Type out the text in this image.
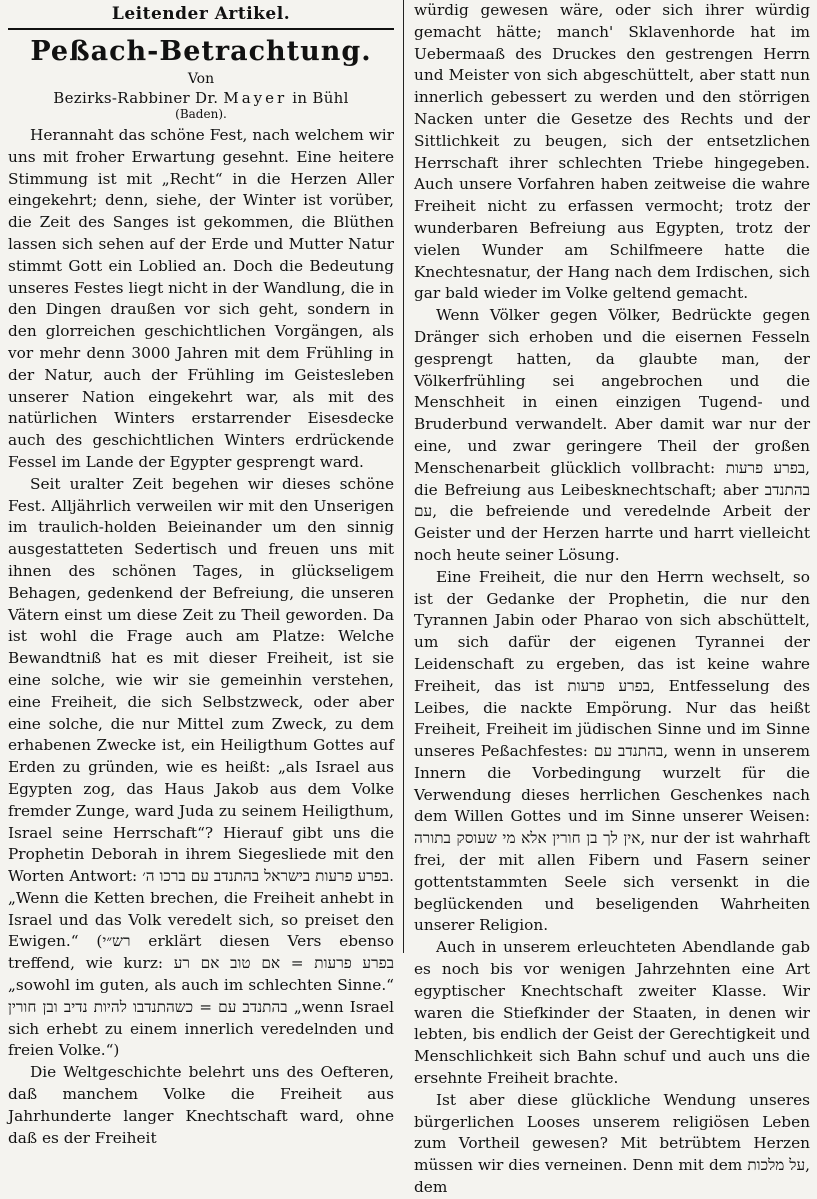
Leitender Artikel.
Peßach-Betrachtung.
Von
Bezirks-Rabbiner Dr. Mayer in Bühl
(Baden).

Herannaht das schöne Fest, nach welchem wir uns mit froher Erwartung gesehnt. Eine heitere Stimmung ist mit „Recht“ in die Herzen Aller eingekehrt; denn, siehe, der Winter ist vorüber, die Zeit des Sanges ist gekommen, die Blüthen lassen sich sehen auf der Erde und Mutter Natur stimmt Gott ein Loblied an. Doch die Bedeutung unseres Festes liegt nicht in der Wandlung, die in den Dingen draußen vor sich geht, sondern in den glorreichen geschichtlichen Vorgängen, als vor mehr denn 3000 Jahren mit dem Frühling in der Natur, auch der Frühling im Geistesleben unserer Nation eingekehrt war, als mit des natürlichen Winters erstarrender Eisesdecke auch des geschichtlichen Winters erdrückende Fessel im Lande der Egypter gesprengt ward.

Seit uralter Zeit begehen wir dieses schöne Fest. Alljährlich verweilen wir mit den Unserigen im traulich-holden Beieinander um den sinnig ausgestatteten Sedertisch und freuen uns mit ihnen des schönen Tages, in glückseligem Behagen, gedenkend der Befreiung, die unseren Vätern einst um diese Zeit zu Theil geworden. Da ist wohl die Frage auch am Platze: Welche Bewandtniß hat es mit dieser Freiheit, ist sie eine solche, wie wir sie gemeinhin verstehen, eine Freiheit, die sich Selbstzweck, oder aber eine solche, die nur Mittel zum Zweck, zu dem erhabenen Zwecke ist, ein Heiligthum Gottes auf Erden zu gründen, wie es heißt: „als Israel aus Egypten zog, das Haus Jakob aus dem Volke fremder Zunge, ward Juda zu seinem Heiligthum, Israel seine Herrschaft“? Hierauf gibt uns die Prophetin Deborah in ihrem Siegesliede mit den Worten Antwort: בפרע פרעות בישראל בהתנדב עם ברכו ה׳. „Wenn die Ketten brechen, die Freiheit anhebt in Israel und das Volk veredelt sich, so preiset den Ewigen.“ (רש״י erklärt diesen Vers ebenso treffend, wie kurz: בפרע פרעות = אם טוב אם רע „sowohl im guten, als auch im schlechten Sinne.“ בהתנדב עם = כשהתנדבו להיות נדיב ובן חורין „wenn Israel sich erhebt zu einem innerlich veredelnden und freien Volke.“)

Die Weltgeschichte belehrt uns des Oefteren, daß manchem Volke die Freiheit aus Jahrhunderte langer Knechtschaft ward, ohne daß es der Freiheit

würdig gewesen wäre, oder sich ihrer würdig gemacht hätte; manch' Sklavenhorde hat im Uebermaaß des Druckes den gestrengen Herrn und Meister von sich abgeschüttelt, aber statt nun innerlich gebessert zu werden und den störrigen Nacken unter die Gesetze des Rechts und der Sittlichkeit zu beugen, sich der entsetzlichen Herrschaft ihrer schlechten Triebe hingegeben. Auch unsere Vorfahren haben zeitweise die wahre Freiheit nicht zu erfassen vermocht; trotz der wunderbaren Befreiung aus Egypten, trotz der vielen Wunder am Schilfmeere hatte die Knechtesnatur, der Hang nach dem Irdischen, sich gar bald wieder im Volke geltend gemacht.

Wenn Völker gegen Völker, Bedrückte gegen Dränger sich erhoben und die eisernen Fesseln gesprengt hatten, da glaubte man, der Völkerfrühling sei angebrochen und die Menschheit in einen einzigen Tugend- und Bruderbund verwandelt. Aber damit war nur der eine, und zwar geringere Theil der großen Menschenarbeit glücklich vollbracht: בפרע פרעות, die Befreiung aus Leibesknechtschaft; aber בהתנדב עם, die befreiende und veredelnde Arbeit der Geister und der Herzen harrte und harrt vielleicht noch heute seiner Lösung.

Eine Freiheit, die nur den Herrn wechselt, so ist der Gedanke der Prophetin, die nur den Tyrannen Jabin oder Pharao von sich abschüttelt, um sich dafür der eigenen Tyrannei der Leidenschaft zu ergeben, das ist keine wahre Freiheit, das ist בפרע פרעות, Entfesselung des Leibes, die nackte Empörung. Nur das heißt Freiheit, Freiheit im jüdischen Sinne und im Sinne unseres Peßachfestes: בהתנדב עם, wenn in unserem Innern die Vorbedingung wurzelt für die Verwendung dieses herrlichen Geschenkes nach dem Willen Gottes und im Sinne unserer Weisen: אין לך בן חורין אלא מי שעוסק בתורה, nur der ist wahrhaft frei, der mit allen Fibern und Fasern seiner gottentstammten Seele sich versenkt in die beglückenden und beseligenden Wahrheiten unserer Religion.

Auch in unserem erleuchteten Abendlande gab es noch bis vor wenigen Jahrzehnten eine Art egyptischer Knechtschaft zweiter Klasse. Wir waren die Stiefkinder der Staaten, in denen wir lebten, bis endlich der Geist der Gerechtigkeit und Menschlichkeit sich Bahn schuf und auch uns die ersehnte Freiheit brachte.

Ist aber diese glückliche Wendung unseres bürgerlichen Looses unserem religiösen Leben zum Vortheil gewesen? Mit betrübtem Herzen müssen wir dies verneinen. Denn mit dem על מלכות, dem
